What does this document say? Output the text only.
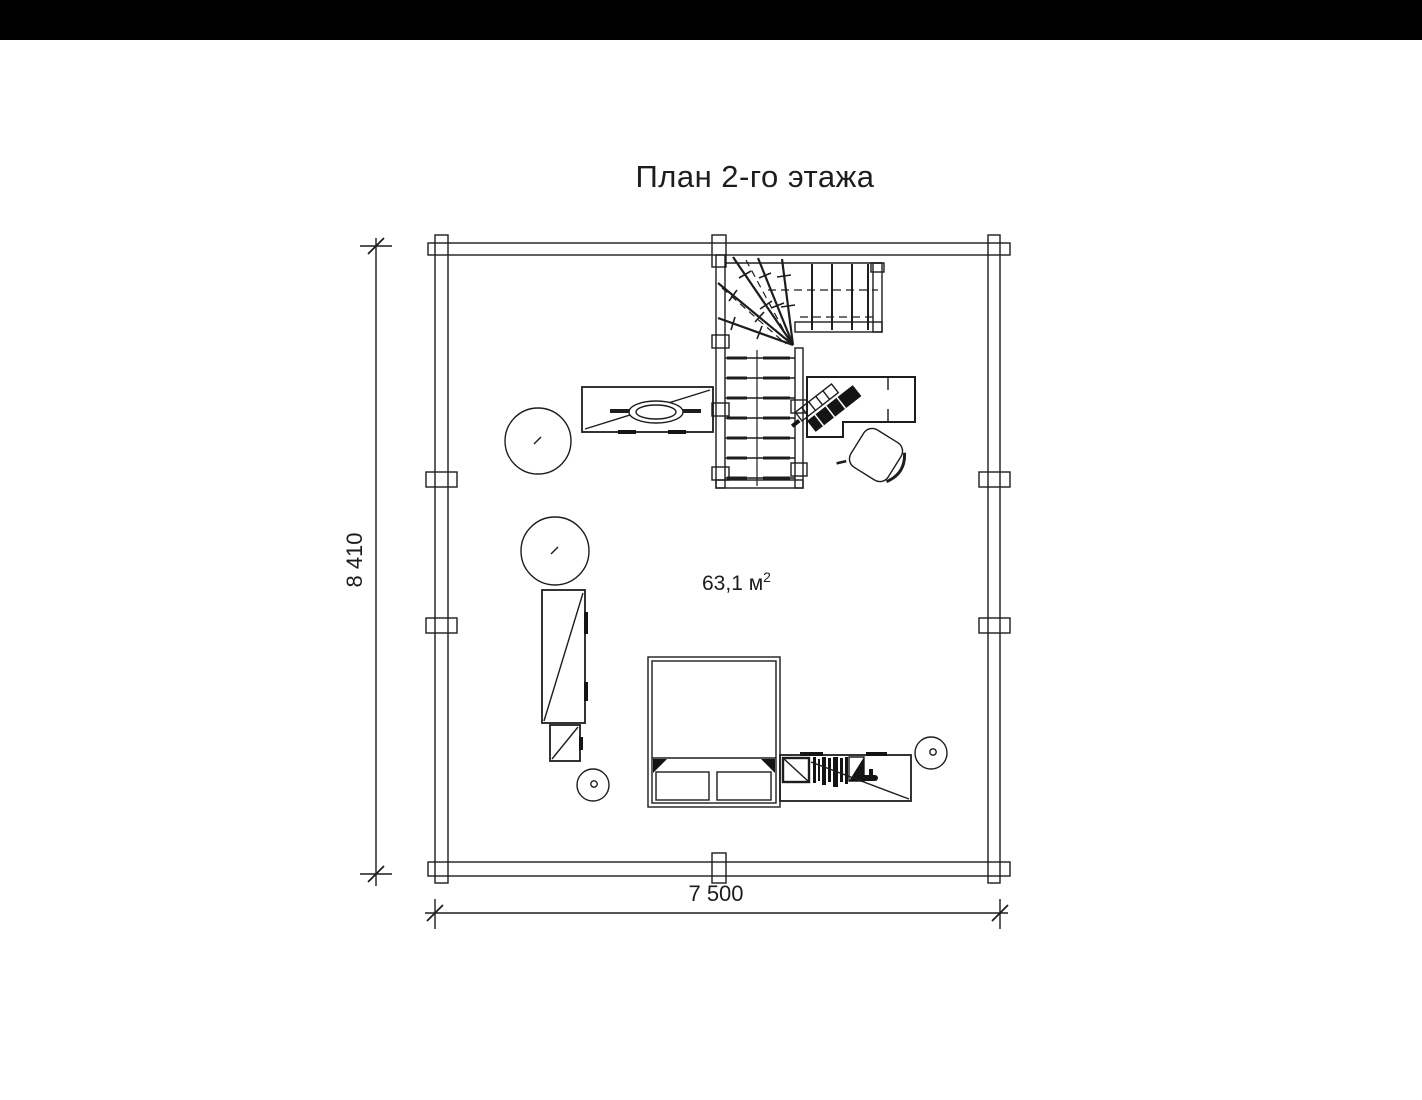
План 2-го этажа
8 410
7 500
63,1 $м^2$
